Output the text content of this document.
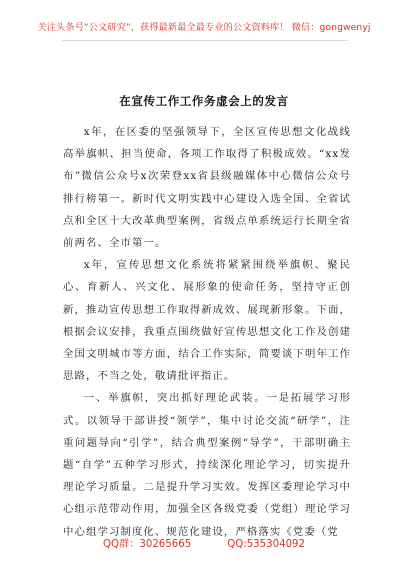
关注头条号“公文研究”，获得最新最全最专业的公文资料库！ 微信：gongwenyj
在宣传工作工作务虚会上的发言

x年，在区委的坚强领导下，全区宣传思想文化战线高举旗帜、担当使命，各项工作取得了积极成效。“xx发布”微信公众号x次荣登xx省县级融媒体中心微信公众号排行榜第一。新时代文明实践中心建设入选全国、全省试点和全区十大改革典型案例，省级点单系统运行长期全省前两名、全市第一。

x年，宣传思想文化系统将紧紧围绕举旗帜、聚民心、育新人、兴文化、展形象的使命任务，坚持守正创新，推动宣传思想工作取得新成效、展现新形象。下面，根据会议安排，我重点围绕做好宣传思想文化工作及创建全国文明城市等方面，结合工作实际，简要谈下明年工作思路，不当之处，敬请批评指正。

一、举旗帜，突出抓好理论武装。一是拓展学习形式。以领导干部讲授“领学”，集中讨论交流“研学”，注重问题导向“引学”，结合典型案例“导学”，干部明确主题“自学”五种学习形式，持续深化理论学习，切实提升理论学习质量。二是提升学习实效。发挥区委理论学习中心组示范带动作用，加强全区各级党委（党组）理论学习中心组学习制度化、规范化建设，严格落实《党委（党

QQ群：30265665	QQ:535304092
